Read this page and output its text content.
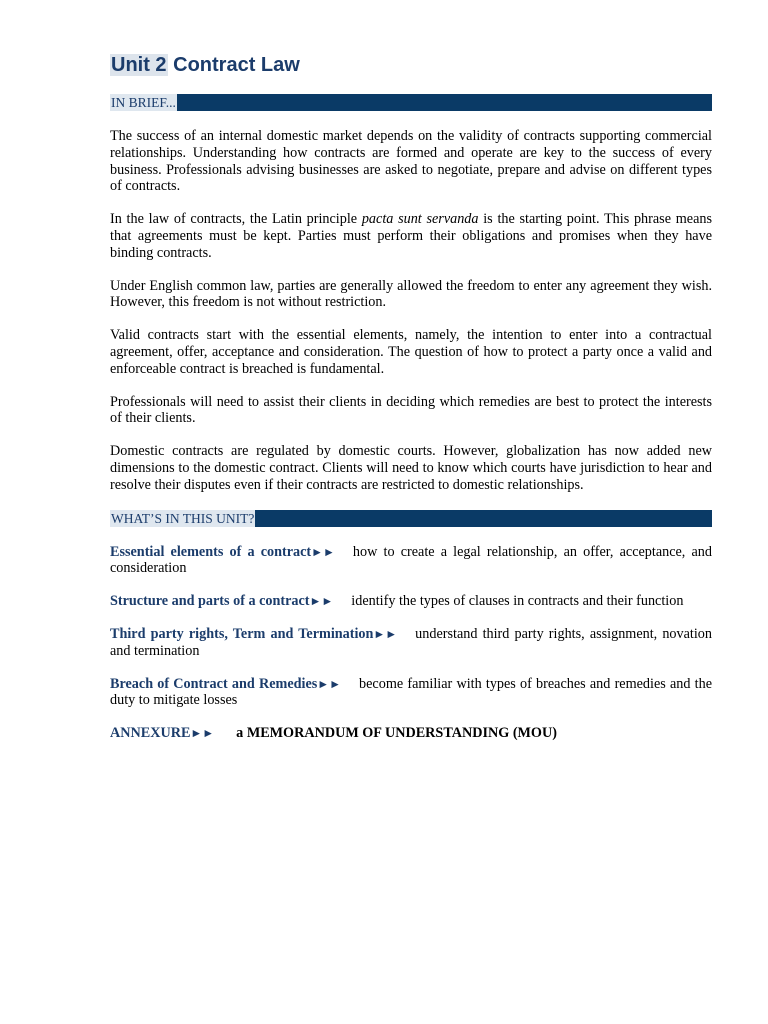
Unit 2 Contract Law
IN BRIEF...

The success of an internal domestic market depends on the validity of contracts supporting commercial relationships. Understanding how contracts are formed and operate are key to the success of every business. Professionals advising businesses are asked to negotiate, prepare and advise on different types of contracts.

In the law of contracts, the Latin principle pacta sunt servanda is the starting point. This phrase means that agreements must be kept. Parties must perform their obligations and promises when they have binding contracts.

Under English common law, parties are generally allowed the freedom to enter any agreement they wish. However, this freedom is not without restriction.

Valid contracts start with the essential elements, namely, the intention to enter into a contractual agreement, offer, acceptance and consideration. The question of how to protect a party once a valid and enforceable contract is breached is fundamental.

Professionals will need to assist their clients in deciding which remedies are best to protect the interests of their clients.

Domestic contracts are regulated by domestic courts. However, globalization has now added new dimensions to the domestic contract. Clients will need to know which courts have jurisdiction to hear and resolve their disputes even if their contracts are restricted to domestic relationships.

WHAT’S IN THIS UNIT?

Essential elements of a contract►► how to create a legal relationship, an offer, acceptance, and consideration

Structure and parts of a contract►► identify the types of clauses in contracts and their function

Third party rights, Term and Termination►► understand third party rights, assignment, novation and termination

Breach of Contract and Remedies►► become familiar with types of breaches and remedies and the duty to mitigate losses

ANNEXURE►► a MEMORANDUM OF UNDERSTANDING (MOU)
